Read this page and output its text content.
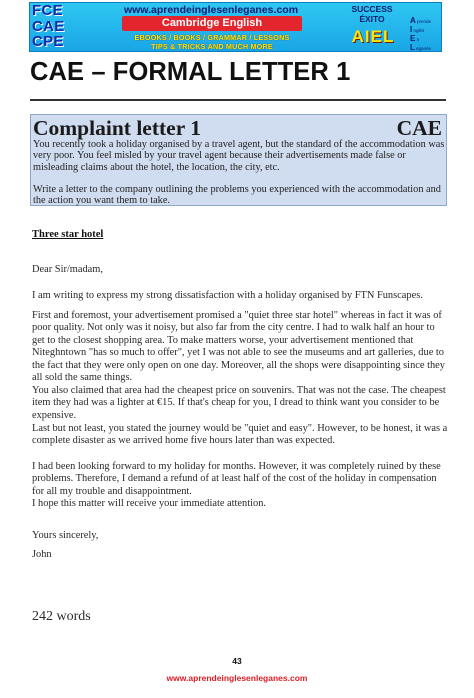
FCE
CAE
CPE
www.aprendeinglesenleganes.com
Cambridge English
EBOOKS / BOOKS / GRAMMAR / LESSONS
TIPS & TRICKS AND MUCH MORE
SUCCESS
ÉXITO
AIEL
A prende
I nglés
E n
L eganés
CAE – FORMAL LETTER 1
Complaint letter 1	CAE
You recently took a holiday organised by a travel agent, but the standard of the accommodation was very poor. You feel misled by your travel agent because their advertisements made false or misleading claims about the hotel, the location, the city, etc.
Write a letter to the company outlining the problems you experienced with the accommodation and the action you want them to take.
Three star hotel
Dear Sir/madam,
I am writing to express my strong dissatisfaction with a holiday organised by FTN Funscapes.
First and foremost, your advertisement promised a "quiet three star hotel" whereas in fact it was of poor quality. Not only was it noisy, but also far from the city centre. I had to walk half an hour to get to the closest shopping area. To make matters worse, your advertisement mentioned that Niteghntown "has so much to offer", yet I was not able to see the museums and art galleries, due to the fact that they were only open on one day. Moreover, all the shops were disappointing since they all sold the same things.
You also claimed that area had the cheapest price on souvenirs. That was not the case. The cheapest item they had was a lighter at €15. If that's cheap for you, I dread to think want you consider to be expensive.
Last but not least, you stated the journey would be "quiet and easy". However, to be honest, it was a complete disaster as we arrived home five hours later than was expected.
I had been looking forward to my holiday for months. However, it was completely ruined by these problems. Therefore, I demand a refund of at least half of the cost of the holiday in compensation for all my trouble and disappointment.
I hope this matter will receive your immediate attention.
Yours sincerely,
John
242 words
43
www.aprendeinglesenleganes.com
